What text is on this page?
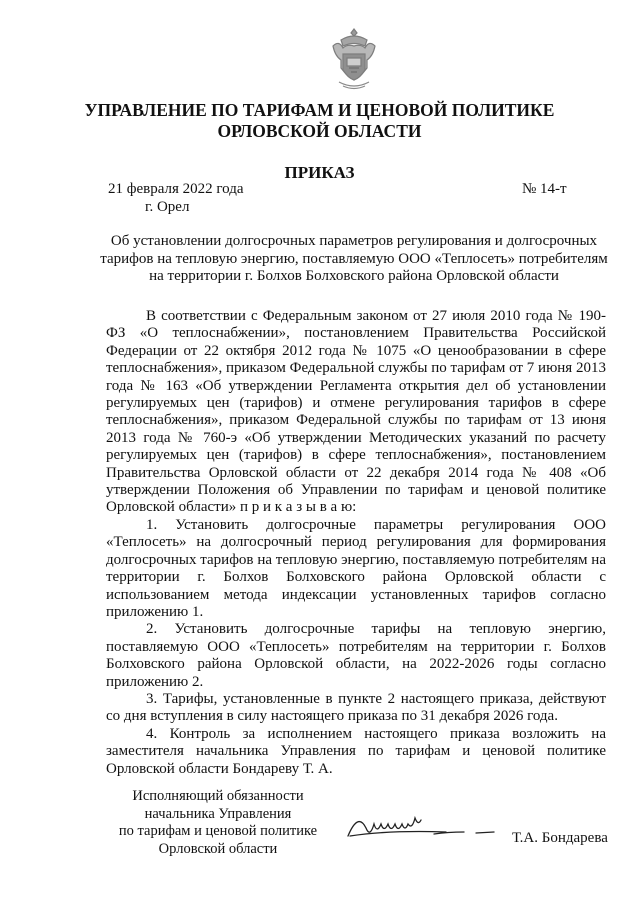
УПРАВЛЕНИЕ ПО ТАРИФАМ И ЦЕНОВОЙ ПОЛИТИКЕ
ОРЛОВСКОЙ ОБЛАСТИ
ПРИКАЗ
21 февраля 2022 года
г. Орел
№ 14-т
Об установлении долгосрочных параметров регулирования и долгосрочных тарифов на тепловую энергию, поставляемую ООО «Теплосеть» потребителям на территории г. Болхов Болховского района Орловской области

В соответствии с Федеральным законом от 27 июля 2010 года № 190-ФЗ «О теплоснабжении», постановлением Правительства Российской Федерации от 22 октября 2012 года № 1075 «О ценообразовании в сфере теплоснабжения», приказом Федеральной службы по тарифам от 7 июня 2013 года № 163 «Об утверждении Регламента открытия дел об установлении регулируемых цен (тарифов) и отмене регулирования тарифов в сфере теплоснабжения», приказом Федеральной службы по тарифам от 13 июня 2013 года № 760-э «Об утверждении Методических указаний по расчету регулируемых цен (тарифов) в сфере теплоснабжения», постановлением Правительства Орловской области от 22 декабря 2014 года № 408 «Об утверждении Положения об Управлении по тарифам и ценовой политике Орловской области» п р и к а з ы в а ю:

1. Установить долгосрочные параметры регулирования ООО «Теплосеть» на долгосрочный период регулирования для формирования долгосрочных тарифов на тепловую энергию, поставляемую потребителям на территории г. Болхов Болховского района Орловской области с использованием метода индексации установленных тарифов согласно приложению 1.

2. Установить долгосрочные тарифы на тепловую энергию, поставляемую ООО «Теплосеть» потребителям на территории г. Болхов Болховского района Орловской области, на 2022-2026 годы согласно приложению 2.

3. Тарифы, установленные в пункте 2 настоящего приказа, действуют со дня вступления в силу настоящего приказа по 31 декабря 2026 года.

4. Контроль за исполнением настоящего приказа возложить на заместителя начальника Управления по тарифам и ценовой политике Орловской области Бондареву Т. А.

Исполняющий обязанности
начальника Управления
по тарифам и ценовой политике
Орловской области
Т.А. Бондарева
